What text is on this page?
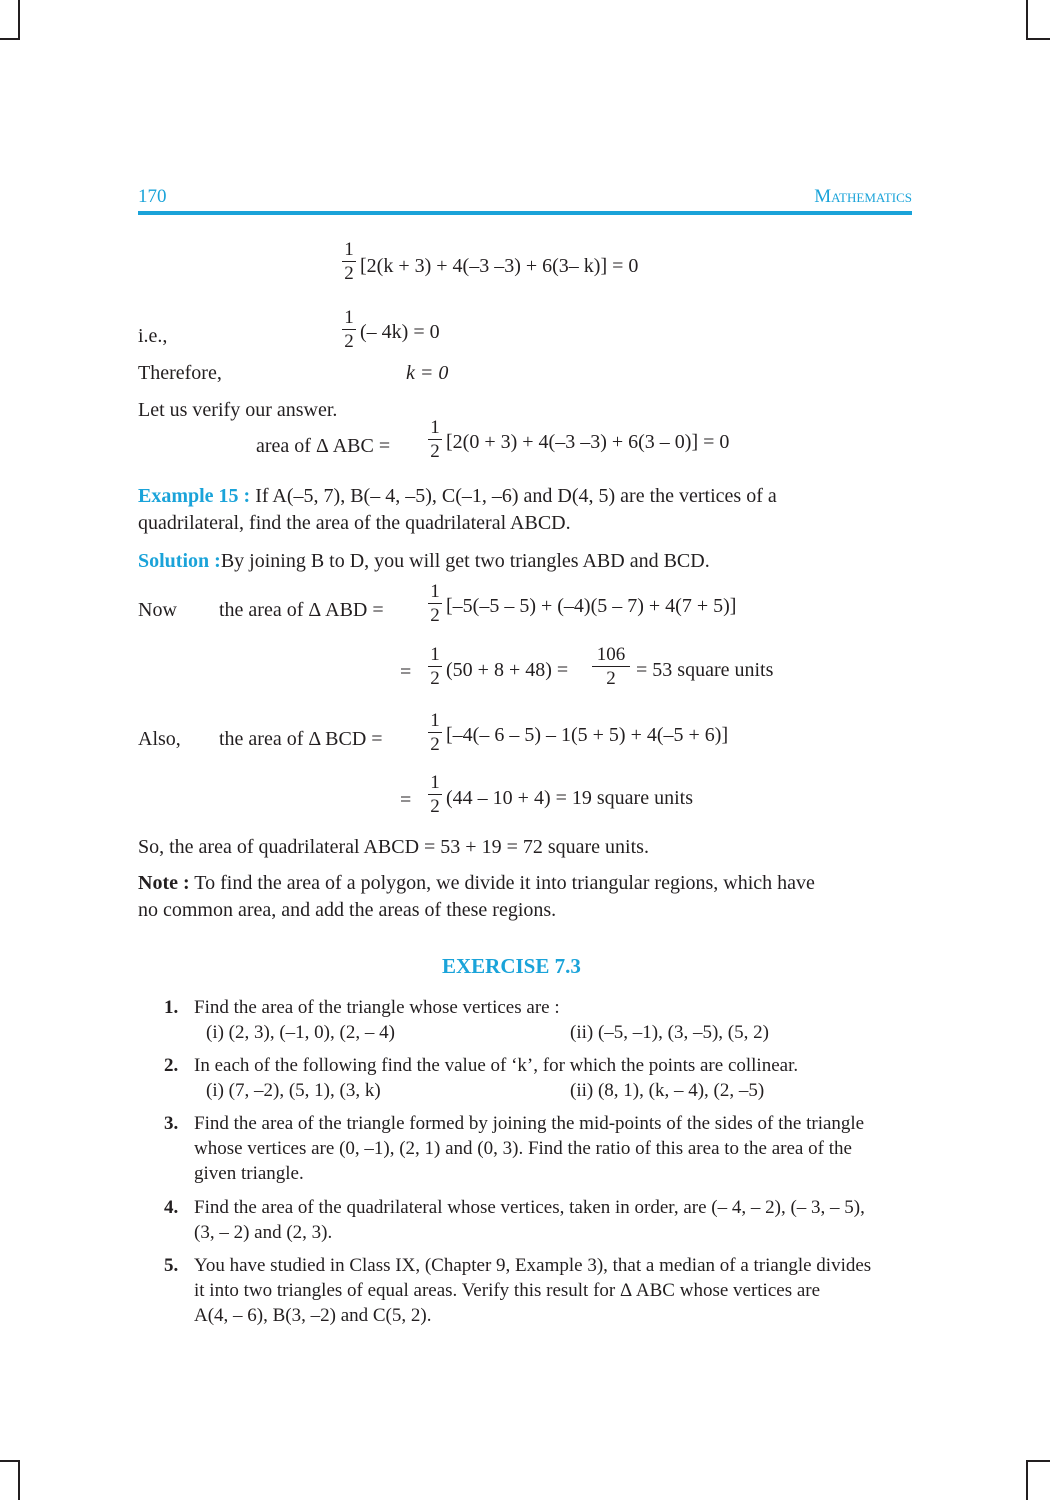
170	Mathematics
1
2 [2(k + 3) + 4(–3 –3) + 6(3– k)] = 0
i.e.,
1
2 (– 4k) = 0
Therefore,	k = 0
Let us verify our answer.
area of Δ ABC =
1
2 [2(0 + 3) + 4(–3 –3) + 6(3 – 0)] = 0
Example 15 : If A(–5, 7), B(– 4, –5), C(–1, –6) and D(4, 5) are the vertices of a
quadrilateral, find the area of the quadrilateral ABCD.
Solution :By joining B to D, you will get two triangles ABD and BCD.
Now the area of Δ ABD =
1
2 [–5(–5 – 5) + (–4)(5 – 7) + 4(7 + 5)]
=
1
2 (50 + 8 + 48) =
106
2	= 53 square units
Also, the area of Δ BCD =
1
2 [–4(– 6 – 5) – 1(5 + 5) + 4(–5 + 6)]
=
1
2 (44 – 10 + 4) = 19 square units
So, the area of quadrilateral ABCD = 53 + 19 = 72 square units.
Note : To find the area of a polygon, we divide it into triangular regions, which have
no common area, and add the areas of these regions.
EXERCISE 7.3
1. Find the area of the triangle whose vertices are :
(i) (2, 3), (–1, 0), (2, – 4)	(ii) (–5, –1), (3, –5), (5, 2)
2. In each of the following find the value of ‘k’, for which the points are collinear.
(i) (7, –2), (5, 1), (3, k)	(ii) (8, 1), (k, – 4), (2, –5)
3. Find the area of the triangle formed by joining the mid-points of the sides of the triangle
whose vertices are (0, –1), (2, 1) and (0, 3). Find the ratio of this area to the area of the
given triangle.
4. Find the area of the quadrilateral whose vertices, taken in order, are (– 4, – 2), (– 3, – 5),
(3, – 2) and (2, 3).
5. You have studied in Class IX, (Chapter 9, Example 3), that a median of a triangle divides
it into two triangles of equal areas. Verify this result for Δ ABC whose vertices are
A(4, – 6), B(3, –2) and C(5, 2).
